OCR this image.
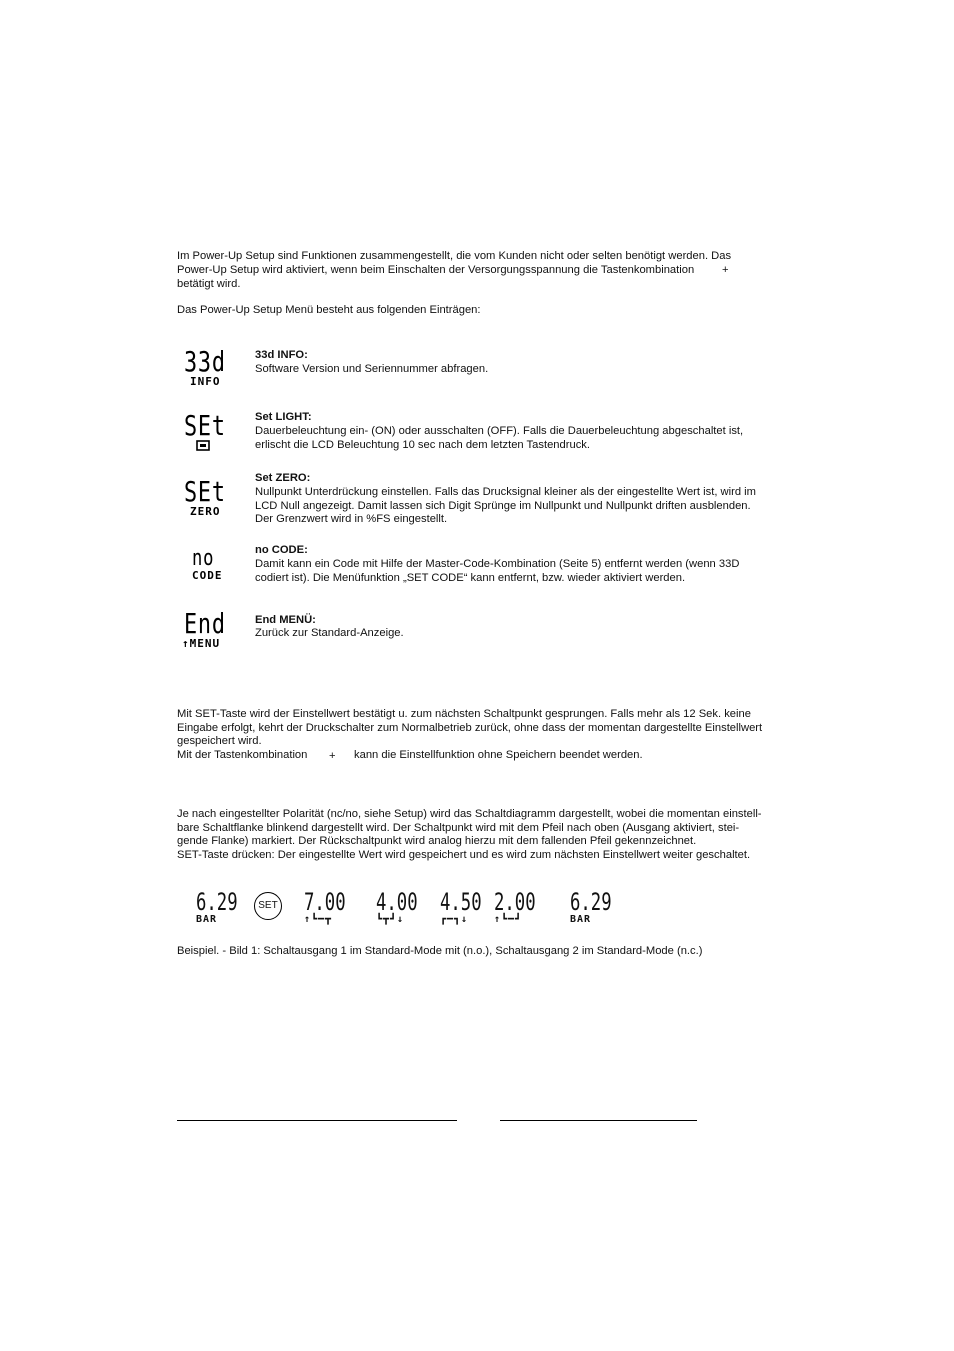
Im Power-Up Setup sind Funktionen zusammengestellt, die vom Kunden nicht oder selten benötigt werden. Das
Power-Up Setup wird aktiviert, wenn beim Einschalten der Versorgungsspannung die Tastenkombination +
betätigt wird.
Das Power-Up Setup Menü besteht aus folgenden Einträgen:
33d
INFO
33d INFO:
Software Version und Seriennummer abfragen.
SEt	Set LIGHT:
Dauerbeleuchtung ein- (ON) oder ausschalten (OFF). Falls die Dauerbeleuchtung abgeschaltet ist,
erlischt die LCD Beleuchtung 10 sec nach dem letzten Tastendruck.
SEt
ZERO
Set ZERO:
Nullpunkt Unterdrückung einstellen. Falls das Drucksignal kleiner als der eingestellte Wert ist, wird im
LCD Null angezeigt. Damit lassen sich Digit Sprünge im Nullpunkt und Nullpunkt driften ausblenden.
Der Grenzwert wird in %FS eingestellt.
no
CODE
no CODE:
Damit kann ein Code mit Hilfe der Master-Code-Kombination (Seite 5) entfernt werden (wenn 33D
codiert ist). Die Menüfunktion „SET CODE“ kann entfernt, bzw. wieder aktiviert werden.
End
↑MENU
End MENÜ:
Zurück zur Standard-Anzeige.
Mit SET-Taste wird der Einstellwert bestätigt u. zum nächsten Schaltpunkt gesprungen. Falls mehr als 12 Sek. keine
Eingabe erfolgt, kehrt der Druckschalter zum Normalbetrieb zurück, ohne dass der momentan dargestellte Einstellwert
gespeichert wird.
Mit der Tastenkombination + kann die Einstellfunktion ohne Speichern beendet werden.
Je nach eingestellter Polarität (nc/no, siehe Setup) wird das Schaltdiagramm dargestellt, wobei die momentan einstell-
bare Schaltflanke blinkend dargestellt wird. Der Schaltpunkt wird mit dem Pfeil nach oben (Ausgang aktiviert, stei-
gende Flanke) markiert. Der Rückschaltpunkt wird analog hierzu mit dem fallenden Pfeil gekennzeichnet.
SET-Taste drücken: Der eingestellte Wert wird gespeichert und es wird zum nächsten Einstellwert weiter geschaltet.
6.29
BAR
SET 7.00
↑┗━┳
4.00
┗┳┛↓
4.50
┏━┓↓
2.00
↑┗━┛
6.29
BAR
Beispiel. - Bild 1: Schaltausgang 1 im Standard-Mode mit (n.o.), Schaltausgang 2 im Standard-Mode (n.c.)
